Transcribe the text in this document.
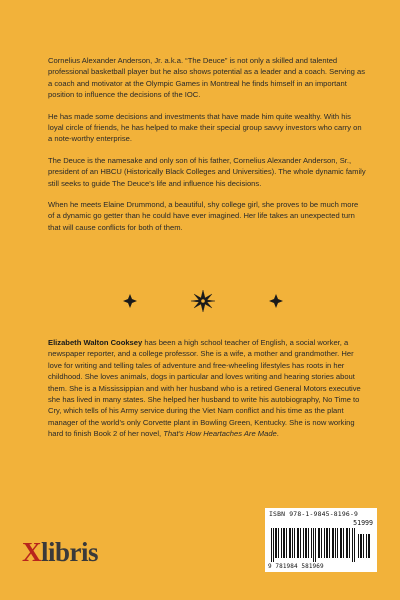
Cornelius Alexander Anderson, Jr. a.k.a. “The Deuce” is not only a skilled and talented professional basketball player but he also shows potential as a leader and a coach. Serving as a coach and motivator at the Olympic Games in Montreal he finds himself in an important position to influence the decisions of the IOC.

He has made some decisions and investments that have made him quite wealthy. With his loyal circle of friends, he has helped to make their special group savvy investors who carry on a note-worthy enterprise.

The Deuce is the namesake and only son of his father, Cornelius Alexander Anderson, Sr., president of an HBCU (Historically Black Colleges and Universities). The whole dynamic family still seeks to guide The Deuce’s life and influence his decisions.

When he meets Elaine Drummond, a beautiful, shy college girl, she proves to be much more of a dynamic go getter than he could have ever imagined. Her life takes an unexpected turn that will cause conflicts for both of them.

Elizabeth Walton Cooksey has been a high school teacher of English, a social worker, a newspaper reporter, and a college professor. She is a wife, a mother and grandmother. Her love for writing and telling tales of adventure and free-wheeling lifestyles has roots in her childhood. She loves animals, dogs in particular and loves writing and hearing stories about them. She is a Mississippian and with her husband who is a retired General Motors executive she has lived in many states. She helped her husband to write his autobiography, No Time to Cry, which tells of his Army service during the Viet Nam conflict and his time as the plant manager of the world’s only Corvette plant in Bowling Green, Kentucky. She is now working hard to finish Book 2 of her novel, That’s How Heartaches Are Made.
ISBN 978-1-9845-8196-9
51999
9 781984 581969
Xlibris
